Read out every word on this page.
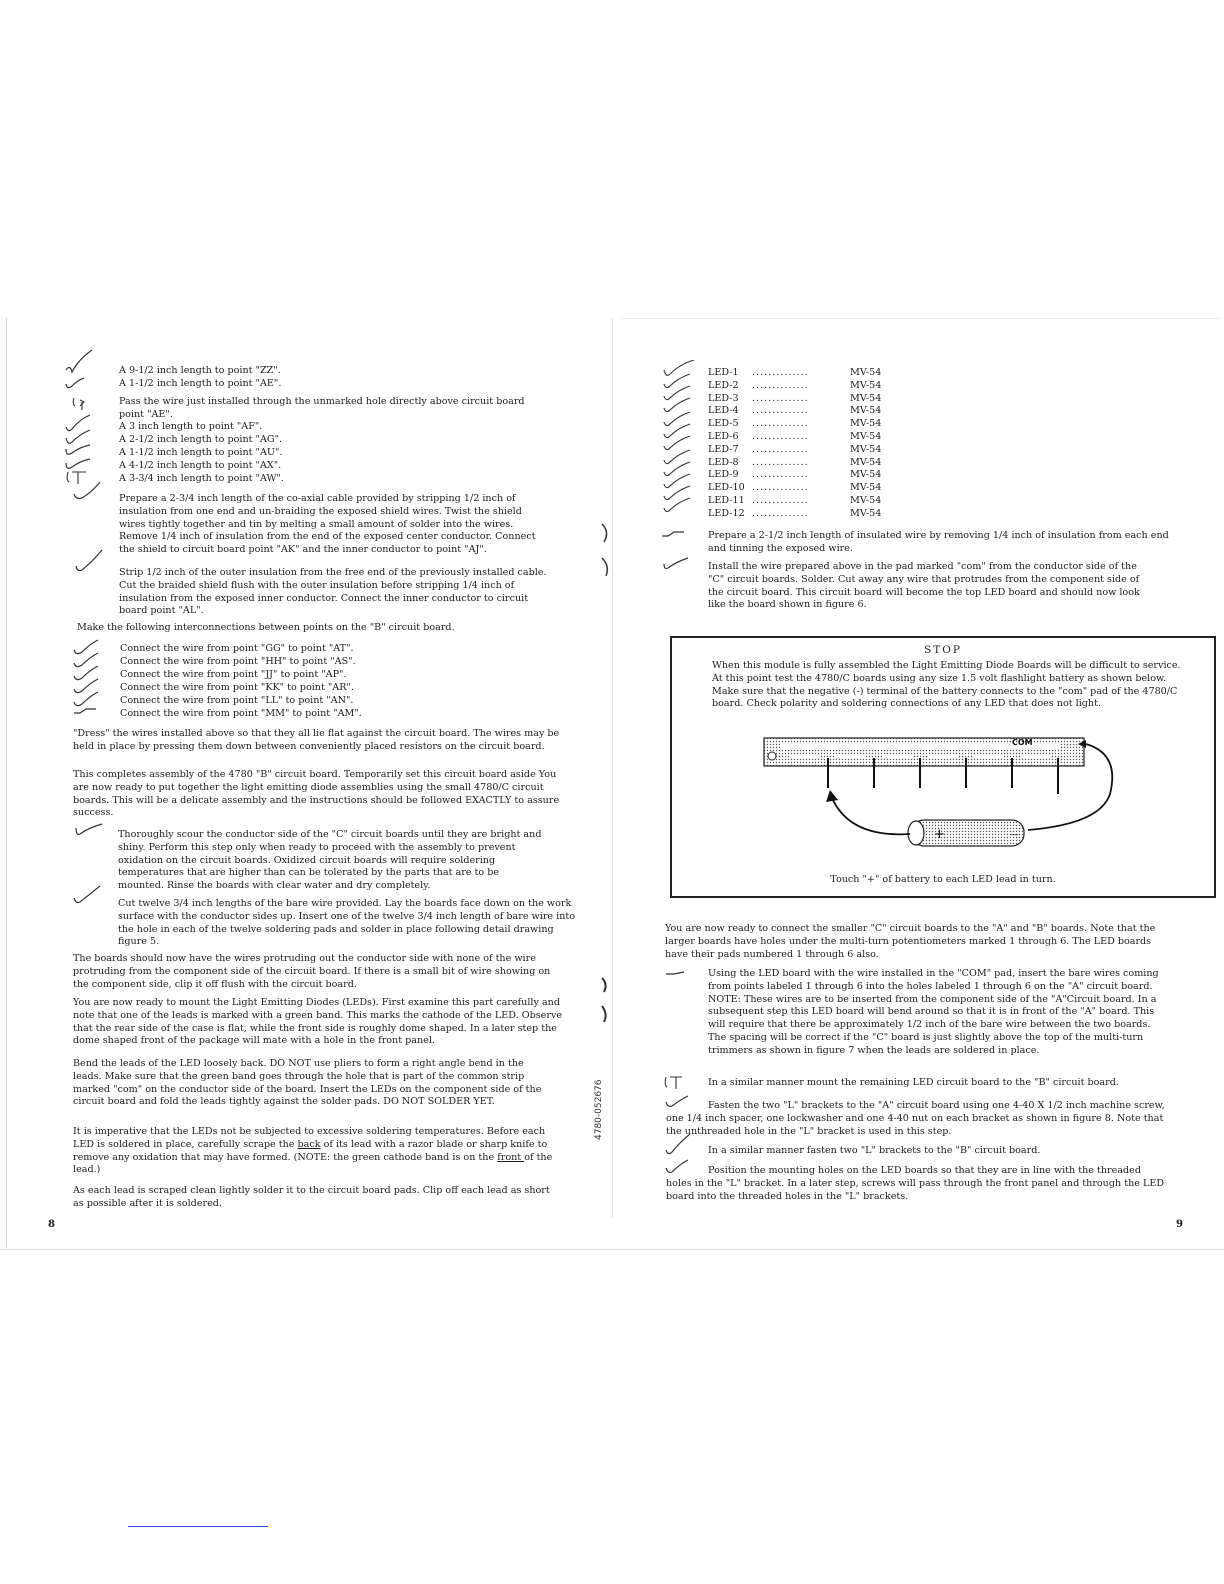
A 9-1/2 inch length to point "ZZ".
A 1-1/2 inch length to point "AE".
Pass the wire just installed through the unmarked hole directly above circuit board point "AE".
A 3 inch length to point "AF".
A 2-1/2 inch length to point "AG".
A 1-1/2 inch length to point "AU".
A 4-1/2 inch length to point "AX".
A 3-3/4 inch length to point "AW".
Prepare a 2-3/4 inch length of the co-axial cable provided by stripping 1/2 inch of insulation from one end and un-braiding the exposed shield wires. Twist the shield wires tightly together and tin by melting a small amount of solder into the wires. Remove 1/4 inch of insulation from the end of the exposed center conductor. Connect the shield to circuit board point "AK" and the inner conductor to point "AJ".
Strip 1/2 inch of the outer insulation from the free end of the previously installed cable. Cut the braided shield flush with the outer insulation before stripping 1/4 inch of insulation from the exposed inner conductor. Connect the inner conductor to circuit board point "AL".

Make the following interconnections between points on the "B" circuit board.

Connect the wire from point "GG" to point "AT".
Connect the wire from point "HH" to point "AS".
Connect the wire from point "JJ" to point "AP".
Connect the wire from point "KK" to point "AR".
Connect the wire from point "LL" to point "AN".
Connect the wire from point "MM" to point "AM".

"Dress" the wires installed above so that they all lie flat against the circuit board. The wires may be held in place by pressing them down between conveniently placed resistors on the circuit board.

This completes assembly of the 4780 "B" circuit board. Temporarily set this circuit board aside You are now ready to put together the light emitting diode assemblies using the small 4780/C circuit boards. This will be a delicate assembly and the instructions should be followed EXACTLY to assure success.

Thoroughly scour the conductor side of the "C" circuit boards until they are bright and shiny. Perform this step only when ready to proceed with the assembly to prevent oxidation on the circuit boards. Oxidized circuit boards will require soldering temperatures that are higher than can be tolerated by the parts that are to be mounted. Rinse the boards with clear water and dry completely.
Cut twelve 3/4 inch lengths of the bare wire provided. Lay the boards face down on the work surface with the conductor sides up. Insert one of the twelve 3/4 inch length of bare wire into the hole in each of the twelve soldering pads and solder in place following detail drawing figure 5.

The boards should now have the wires protruding out the conductor side with none of the wire protruding from the component side of the circuit board. If there is a small bit of wire showing on the component side, clip it off flush with the circuit board.

You are now ready to mount the Light Emitting Diodes (LEDs). First examine this part carefully and note that one of the leads is marked with a green band. This marks the cathode of the LED. Observe that the rear side of the case is flat, while the front side is roughly dome shaped. In a later step the dome shaped front of the package will mate with a hole in the front panel.

Bend the leads of the LED loosely back. DO NOT use pliers to form a right angle bend in the leads. Make sure that the green band goes through the hole that is part of the common strip marked "com" on the conductor side of the board. Insert the LEDs on the component side of the circuit board and fold the leads tightly against the solder pads. DO NOT SOLDER YET.

It is imperative that the LEDs not be subjected to excessive soldering temperatures. Before each LED is soldered in place, carefully scrape the back of its lead with a razor blade or sharp knife to remove any oxidation that may have formed. (NOTE: the green cathode band is on the front of the lead.)

As each lead is scraped clean lightly solder it to the circuit board pads. Clip off each lead as short as possible after it is soldered.

8
4780-052676
LED-1 ..............	MV-54
LED-2 ..............	MV-54
LED-3 ..............	MV-54
LED-4 ..............	MV-54
LED-5 ..............	MV-54
LED-6 ..............	MV-54
LED-7 ..............	MV-54
LED-8 ..............	MV-54
LED-9 ..............	MV-54
LED-10 ..............	MV-54
LED-11 ..............	MV-54
LED-12 ..............	MV-54
Prepare a 2-1/2 inch length of insulated wire by removing 1/4 inch of insulation from each end and tinning the exposed wire.
Install the wire prepared above in the pad marked "com" from the conductor side of the "C" circuit boards. Solder. Cut away any wire that protrudes from the component side of the circuit board. This circuit board will become the top LED board and should now look like the board shown in figure 6.

You are now ready to connect the smaller "C" circuit boards to the "A" and "B" boards. Note that the larger boards have holes under the multi-turn potentiometers marked 1 through 6. The LED boards have their pads numbered 1 through 6 also.

Using the LED board with the wire installed in the "COM" pad, insert the bare wires coming from points labeled 1 through 6 into the holes labeled 1 through 6 on the "A" circuit board. NOTE: These wires are to be inserted from the component side of the "A"Circuit board. In a subsequent step this LED board will bend around so that it is in front of the "A" board. This will require that there be approximately 1/2 inch of the bare wire between the two boards. The spacing will be correct if the "C" board is just slightly above the top of the multi-turn trimmers as shown in figure 7 when the leads are soldered in place.
In a similar manner mount the remaining LED circuit board to the "B" circuit board.
Fasten the two "L" brackets to the "A" circuit board using one 4-40 X 1/2 inch machine screw, one 1/4 inch spacer, one lockwasher and one 4-40 nut on each bracket as shown in figure 8. Note that the unthreaded hole in the "L" bracket is used in this step.
In a similar manner fasten two "L" brackets to the "B" circuit board.
Position the mounting holes on the LED boards so that they are in line with the threaded holes in the "L" bracket. In a later step, screws will pass through the front panel and through the LED board into the threaded holes in the "L" brackets.
9
STOP
When this module is fully assembled the Light Emitting Diode Boards will be difficult to service. At this point test the 4780/C boards using any size 1.5 volt flashlight battery as shown below. Make sure that the negative (-) terminal of the battery connects to the "com" pad of the 4780/C board. Check polarity and soldering connections of any LED that does not light.
COM
+	—
Touch "+" of battery to each LED lead in turn.
